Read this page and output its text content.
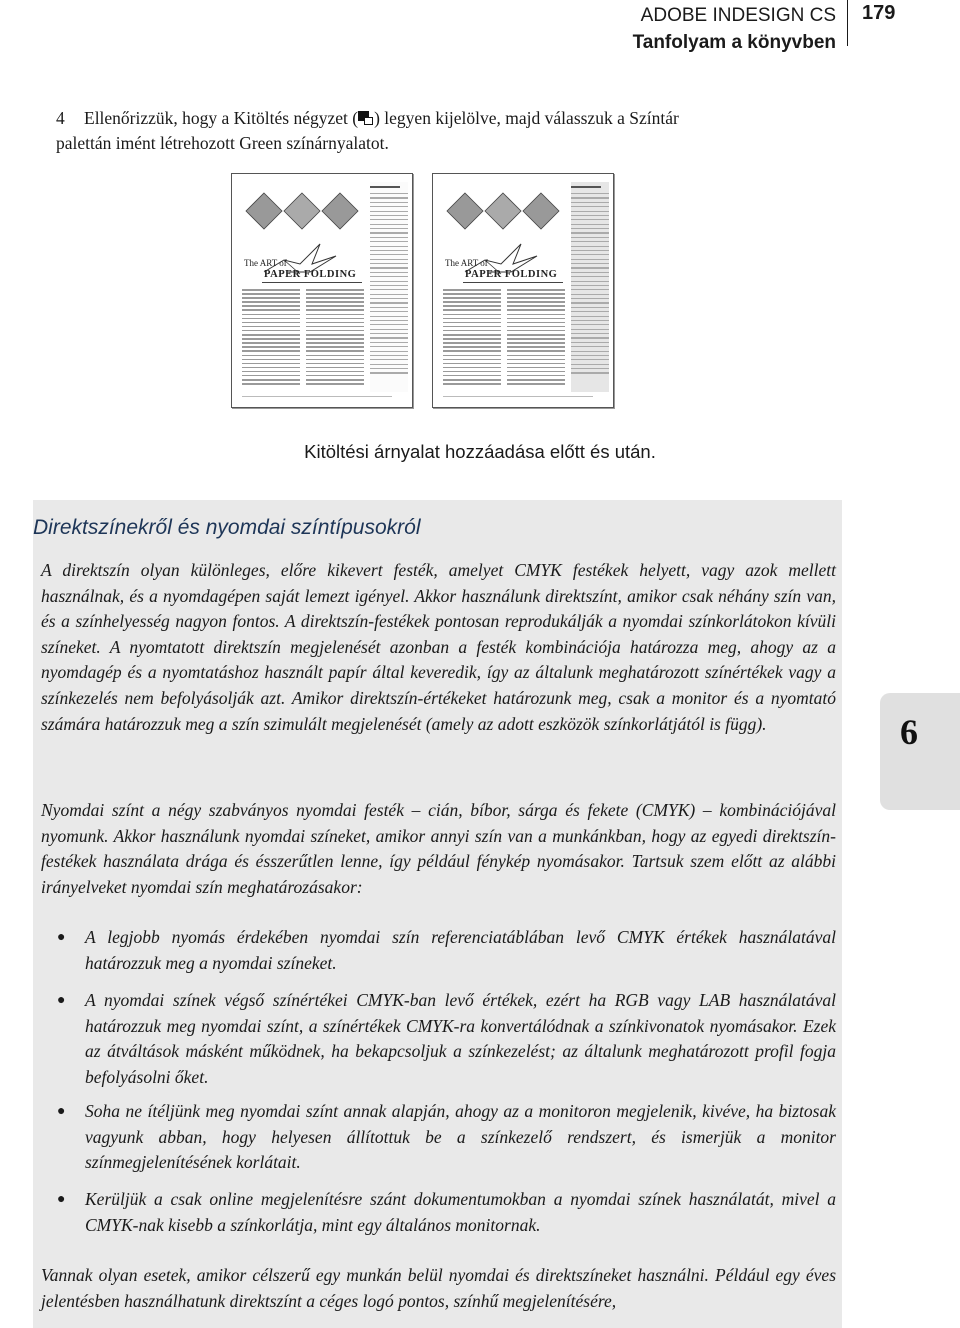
ADOBE INDESIGN CS
Tanfolyam a könyvben
179
4 Ellenőrizzük, hogy a Kitöltés négyzet ( ) legyen kijelölve, majd válasszuk a Színtár
palettán imént létrehozott Green színárnyalatot.
The ART of
PAPER FOLDING
The ART of
PAPER FOLDING
Kitöltési árnyalat hozzáadása előtt és után.
Direktszínekről és nyomdai színtípusokról

A direktszín olyan különleges, előre kikevert festék, amelyet CMYK festékek helyett, vagy azok mellett használnak, és a nyomdagépen saját lemezt igényel. Akkor használunk direktszínt, amikor csak néhány szín van, és a színhelyesség nagyon fontos. A direktszín-festékek pontosan reprodukálják a nyomdai színkorlátokon kívüli színeket. A nyomtatott direktszín megjelenését azonban a festék kombinációja határozza meg, ahogy az a nyomdagép és a nyomtatáshoz használt papír által keveredik, így az általunk meghatározott színértékek vagy a színkezelés nem befolyásolják azt. Amikor direktszín-értékeket határozunk meg, csak a monitor és a nyomtató számára határozzuk meg a szín szimulált megjelenését (amely az adott eszközök színkorlátjától is függ).

Nyomdai színt a négy szabványos nyomdai festék – cián, bíbor, sárga és fekete (CMYK) – kombinációjával nyomunk. Akkor használunk nyomdai színeket, amikor annyi szín van a munkánkban, hogy az egyedi direktszín-festékek használata drága és ésszerűtlen lenne, így például fénykép nyomásakor. Tartsuk szem előtt az alábbi irányelveket nyomdai szín meghatározásakor:

● A legjobb nyomás érdekében nyomdai szín referenciatáblában levő CMYK értékek használatával határozzuk meg a nyomdai színeket.
● A nyomdai színek végső színértékei CMYK-ban levő értékek, ezért ha RGB vagy LAB használatával határozzuk meg nyomdai színt, a színértékek CMYK-ra konvertálódnak a színkivonatok nyomásakor. Ezek az átváltások másként működnek, ha bekapcsoljuk a színkezelést; az általunk meghatározott profil fogja befolyásolni őket.
● Soha ne ítéljünk meg nyomdai színt annak alapján, ahogy az a monitoron megjelenik, kivéve, ha biztosak vagyunk abban, hogy helyesen állítottuk be a színkezelő rendszert, és ismerjük a monitor színmegjelenítésének korlátait.
● Kerüljük a csak online megjelenítésre szánt dokumentumokban a nyomdai színek használatát, mivel a CMYK-nak kisebb a színkorlátja, mint egy általános monitornak.

Vannak olyan esetek, amikor célszerű egy munkán belül nyomdai és direktszíneket használni. Például egy éves jelentésben használhatunk direktszínt a céges logó pontos, színhű megjelenítésére,

6
